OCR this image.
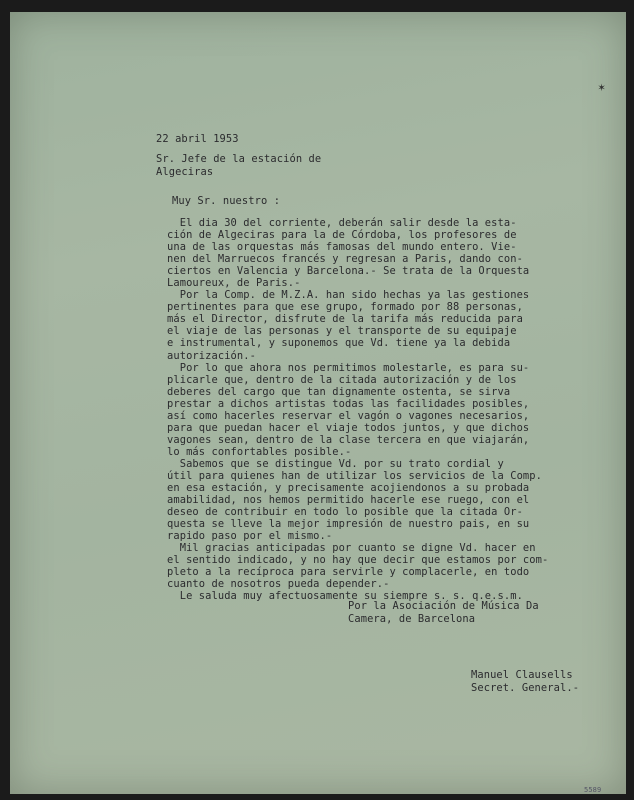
✶
22 abril 1953
Sr. Jefe de la estación de
Algeciras
Muy Sr. nuestro :
El dia 30 del corriente, deberán salir desde la esta-
ción de Algeciras para la de Córdoba, los profesores de
una de las orquestas más famosas del mundo entero. Vie-
nen del Marruecos francés y regresan a Paris, dando con-
ciertos en Valencia y Barcelona.- Se trata de la Orquesta
Lamoureux, de Paris.-
Por la Comp. de M.Z.A. han sido hechas ya las gestiones
pertinentes para que ese grupo, formado por 88 personas,
más el Director, disfrute de la tarifa más reducida para
el viaje de las personas y el transporte de su equipaje
e instrumental, y suponemos que Vd. tiene ya la debida
autorización.-
Por lo que ahora nos permitimos molestarle, es para su-
plicarle que, dentro de la citada autorización y de los
deberes del cargo que tan dignamente ostenta, se sirva
prestar a dichos artistas todas las facilidades posibles,
así como hacerles reservar el vagón o vagones necesarios,
para que puedan hacer el viaje todos juntos, y que dichos
vagones sean, dentro de la clase tercera en que viajarán,
lo más confortables posible.-
Sabemos que se distingue Vd. por su trato cordial y
útil para quienes han de utilizar los servicios de la Comp.
en esa estación, y precisamente acojiendonos a su probada
amabilidad, nos hemos permitido hacerle ese ruego, con el
deseo de contribuir en todo lo posible que la citada Or-
questa se lleve la mejor impresión de nuestro pais, en su
rapido paso por el mismo.-
Mil gracias anticipadas por cuanto se digne Vd. hacer en
el sentido indicado, y no hay que decir que estamos por com-
pleto a la recíproca para servirle y complacerle, en todo
cuanto de nosotros pueda depender.-
Le saluda muy afectuosamente su siempre s. s. q.e.s.m.
Por la Asociación de Música Da
Camera, de Barcelona
Manuel Clausells
Secret. General.-
5589
